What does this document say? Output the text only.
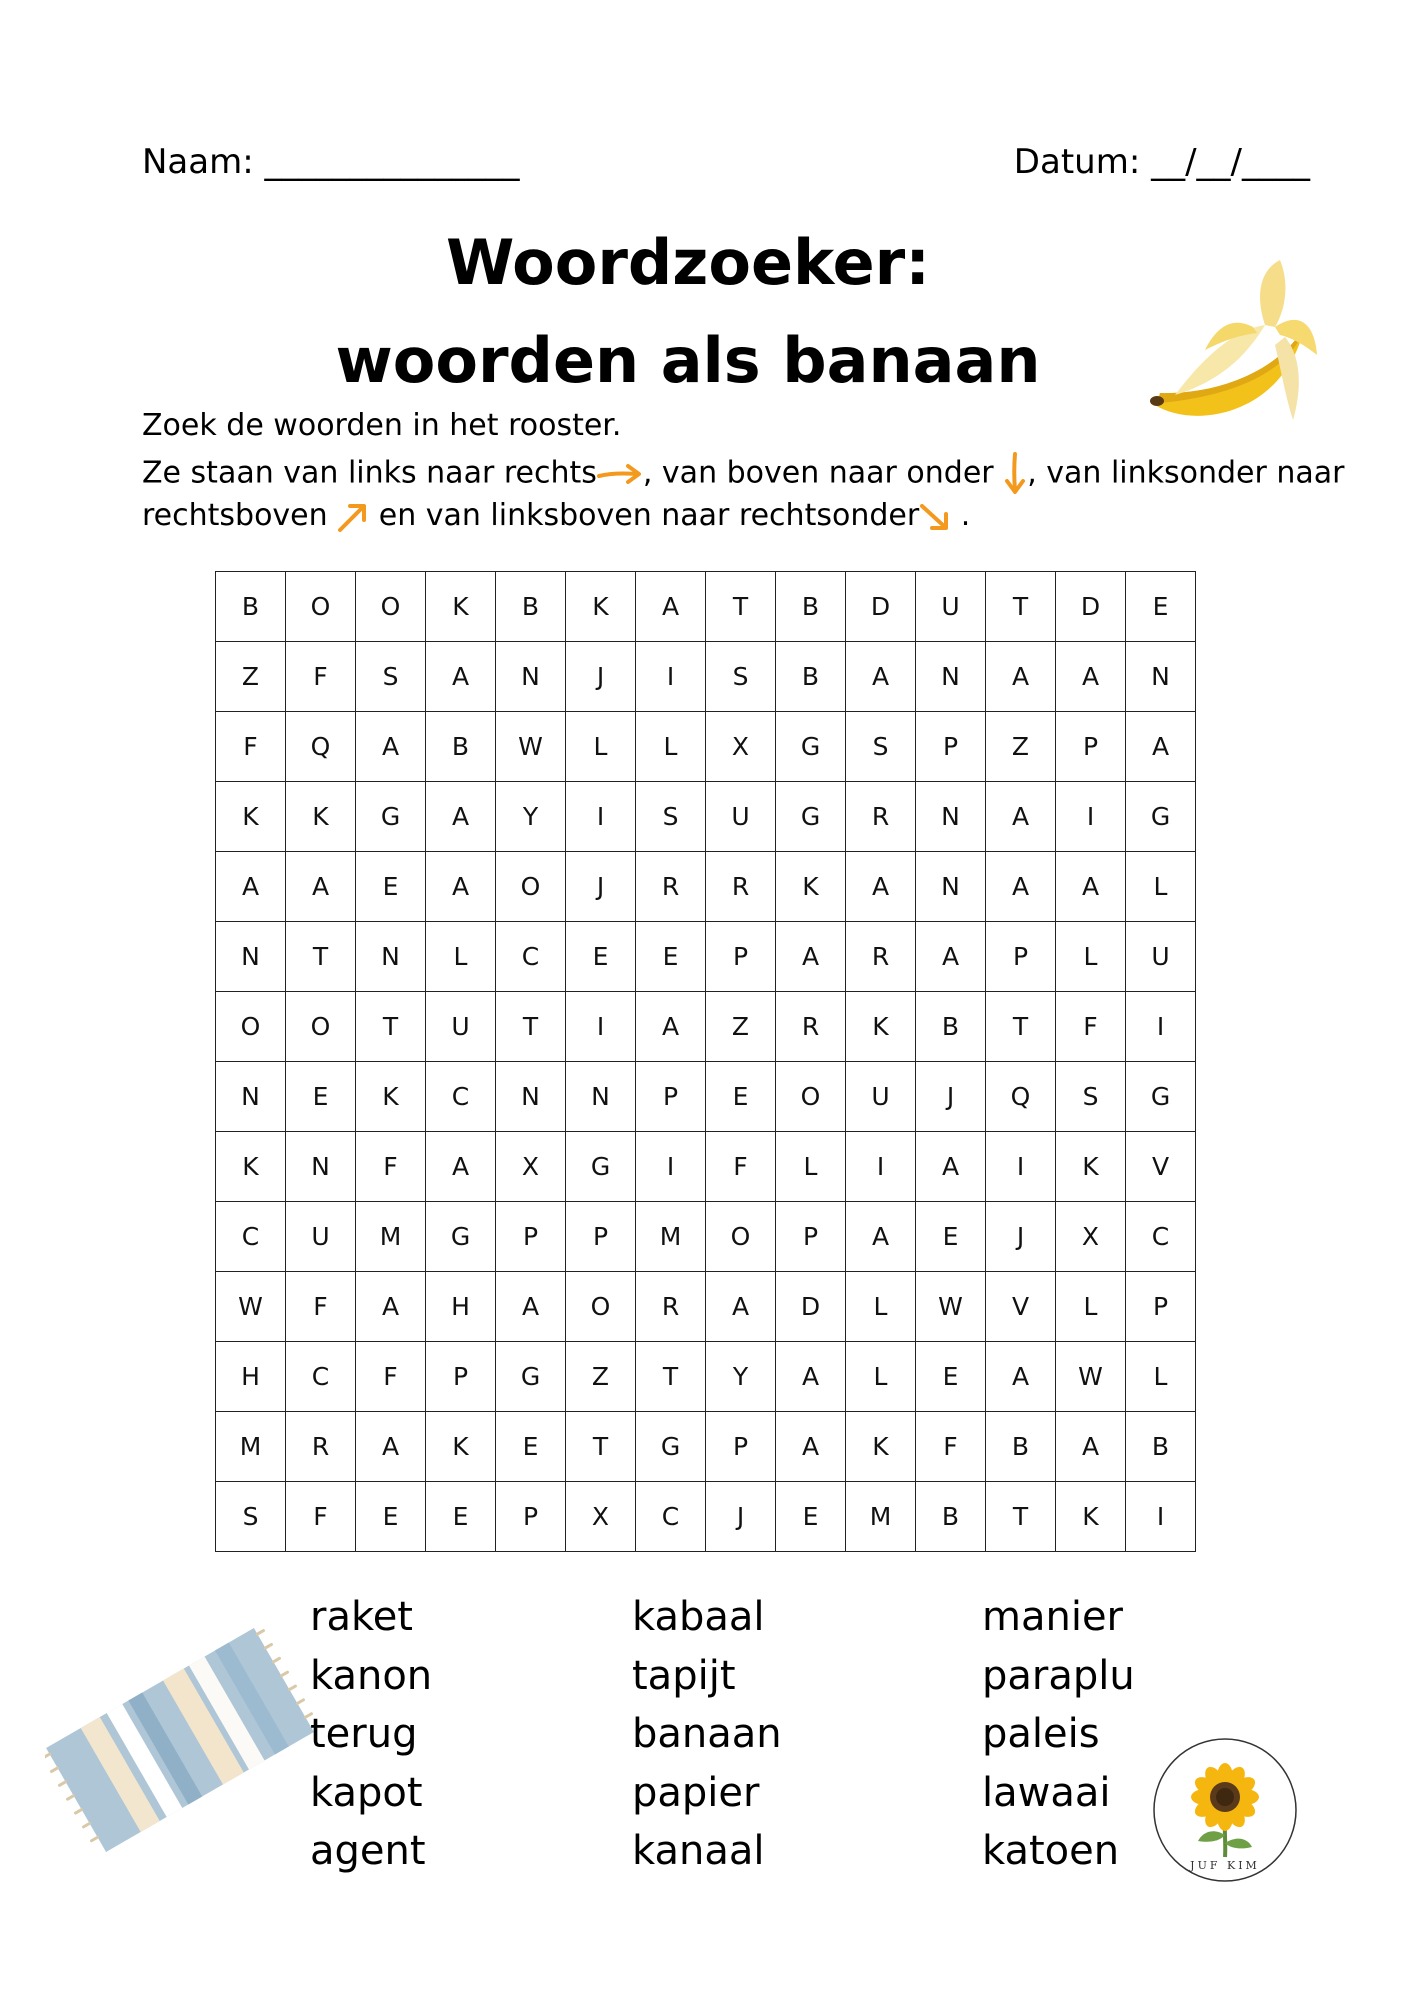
Naam: _______________	Datum: __/__/____
Woordzoeker:
woorden als banaan
Zoek de woorden in het rooster.
Ze staan van links naar rechts , van boven naar onder , van linksonder naar
rechtsboven  en van linksboven naar rechtsonder .
B	O	O	K	B	K	A	T	B	D	U	T	D	E
Z	F	S	A	N	J	I	S	B	A	N	A	A	N
F	Q	A	B	W	L	L	X	G	S	P	Z	P	A
K	K	G	A	Y	I	S	U	G	R	N	A	I	G
A	A	E	A	O	J	R	R	K	A	N	A	A	L
N	T	N	L	C	E	E	P	A	R	A	P	L	U
O	O	T	U	T	I	A	Z	R	K	B	T	F	I
N	E	K	C	N	N	P	E	O	U	J	Q	S	G
K	N	F	A	X	G	I	F	L	I	A	I	K	V
C	U	M	G	P	P	M	O	P	A	E	J	X	C
W	F	A	H	A	O	R	A	D	L	W	V	L	P
H	C	F	P	G	Z	T	Y	A	L	E	A	W	L
M	R	A	K	E	T	G	P	A	K	F	B	A	B
S	F	E	E	P	X	C	J	E	M	B	T	K	I
raket
kanon
terug
kapot
agent
kabaal
tapijt
banaan
papier
kanaal
manier
paraplu
paleis
lawaai
katoen	JUF KIM
